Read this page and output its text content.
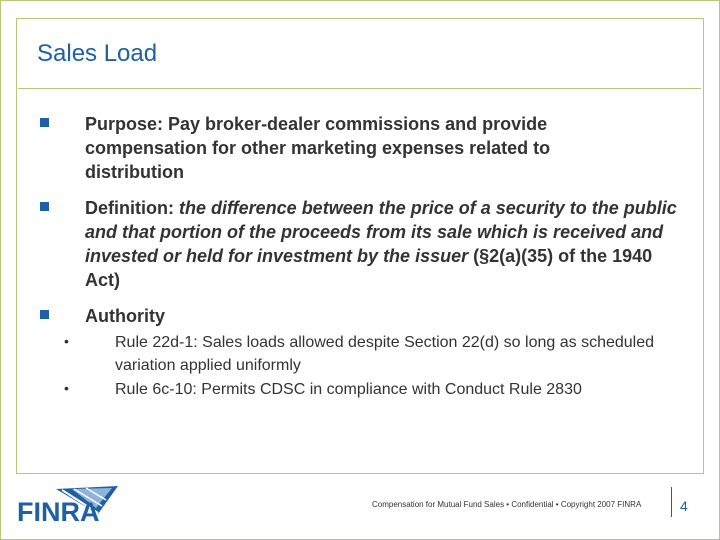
Sales Load

Purpose: Pay broker-dealer commissions and provide compensation for other marketing expenses related to distribution

Definition: the difference between the price of a security to the public and that portion of the proceeds from its sale which is received and invested or held for investment by the issuer (§2(a)(35) of the 1940 Act)

Authority

•	Rule 22d-1: Sales loads allowed despite Section 22(d) so long as scheduled variation applied uniformly

•	Rule 6c-10: Permits CDSC in compliance with Conduct Rule 2830

FINRA	Compensation for Mutual Fund Sales • Confidential • Copyright 2007 FINRA	4
